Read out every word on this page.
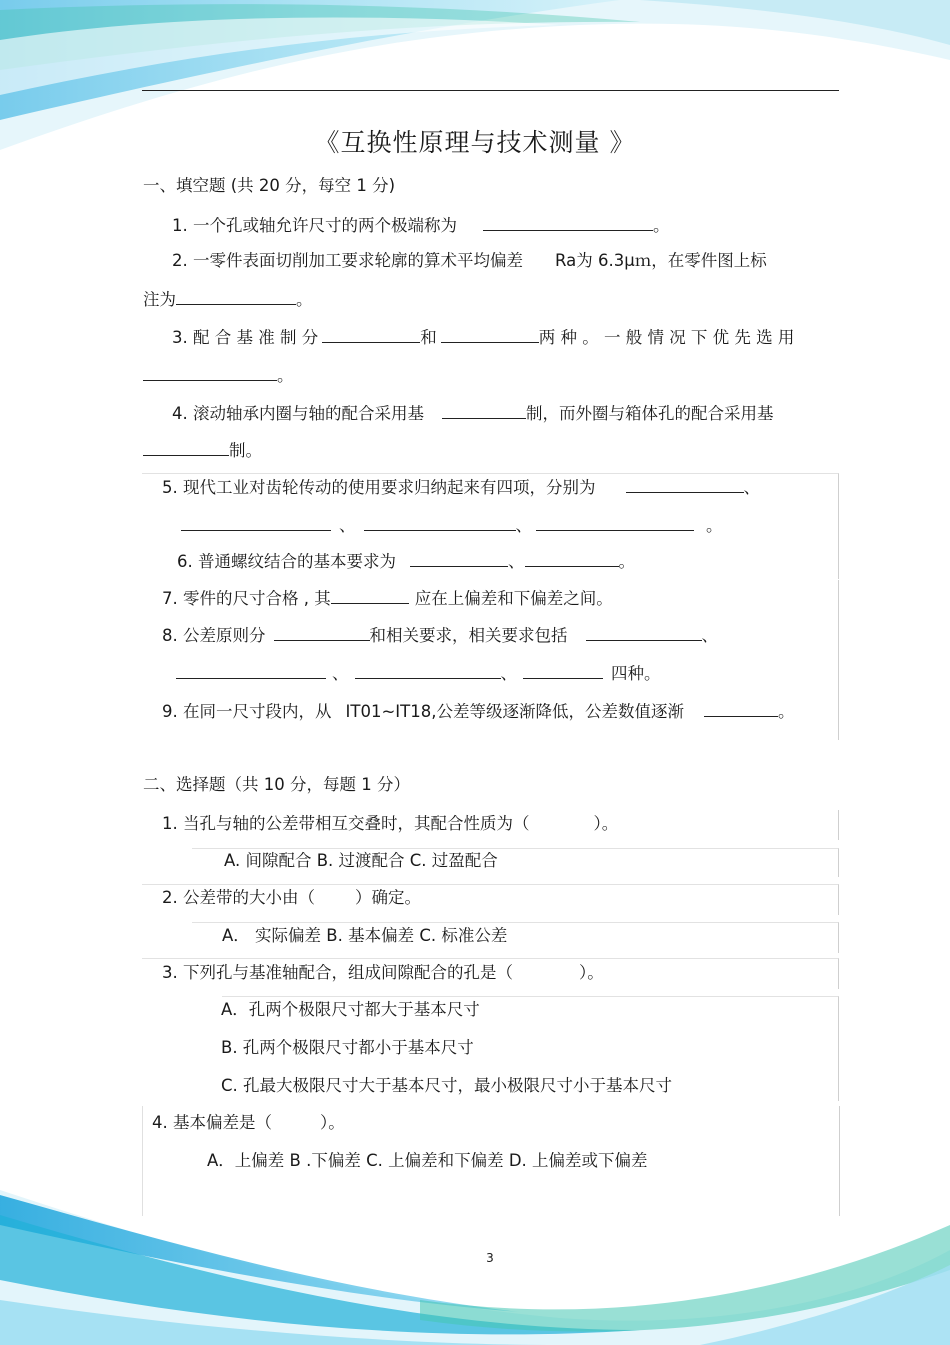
《互换性原理与技术测量 》
一、填空题 (共 20 分，每空 1 分)
1. 一个孔或轴允许尺寸的两个极端称为	。
2. 一零件表面切削加工要求轮廓的算术平均偏差 Ra为 6.3μｍ，在零件图上标
注为	。
3. 配 合 基 准 制 分	和	两 种 。 一 般 情 况 下 优 先 选 用
。
4. 滚动轴承内圈与轴的配合采用基	制，而外圈与箱体孔的配合采用基
制。
5. 现代工业对齿轮传动的使用要求归纳起来有四项，分别为	、
、	、	。
6. 普通螺纹结合的基本要求为	、	。
7. 零件的尺寸合格 , 其	应在上偏差和下偏差之间。
8. 公差原则分	和相关要求，相关要求包括	、
、	、	四种。
9. 在同一尺寸段内，从 IT01~IT18,公差等级逐渐降低，公差数值逐渐	。
二、选择题（共 10 分，每题 1 分）
1. 当孔与轴的公差带相互交叠时，其配合性质为（	）。
A. 间隙配合 B. 过渡配合 C. 过盈配合
2. 公差带的大小由（ ）确定。
A． 实际偏差 B. 基本偏差 C. 标准公差
3. 下列孔与基准轴配合，组成间隙配合的孔是（	）。
A．孔两个极限尺寸都大于基本尺寸
B. 孔两个极限尺寸都小于基本尺寸
C. 孔最大极限尺寸大于基本尺寸，最小极限尺寸小于基本尺寸
4. 基本偏差是（	）。
A．上偏差 B .下偏差 C. 上偏差和下偏差 D. 上偏差或下偏差
3
